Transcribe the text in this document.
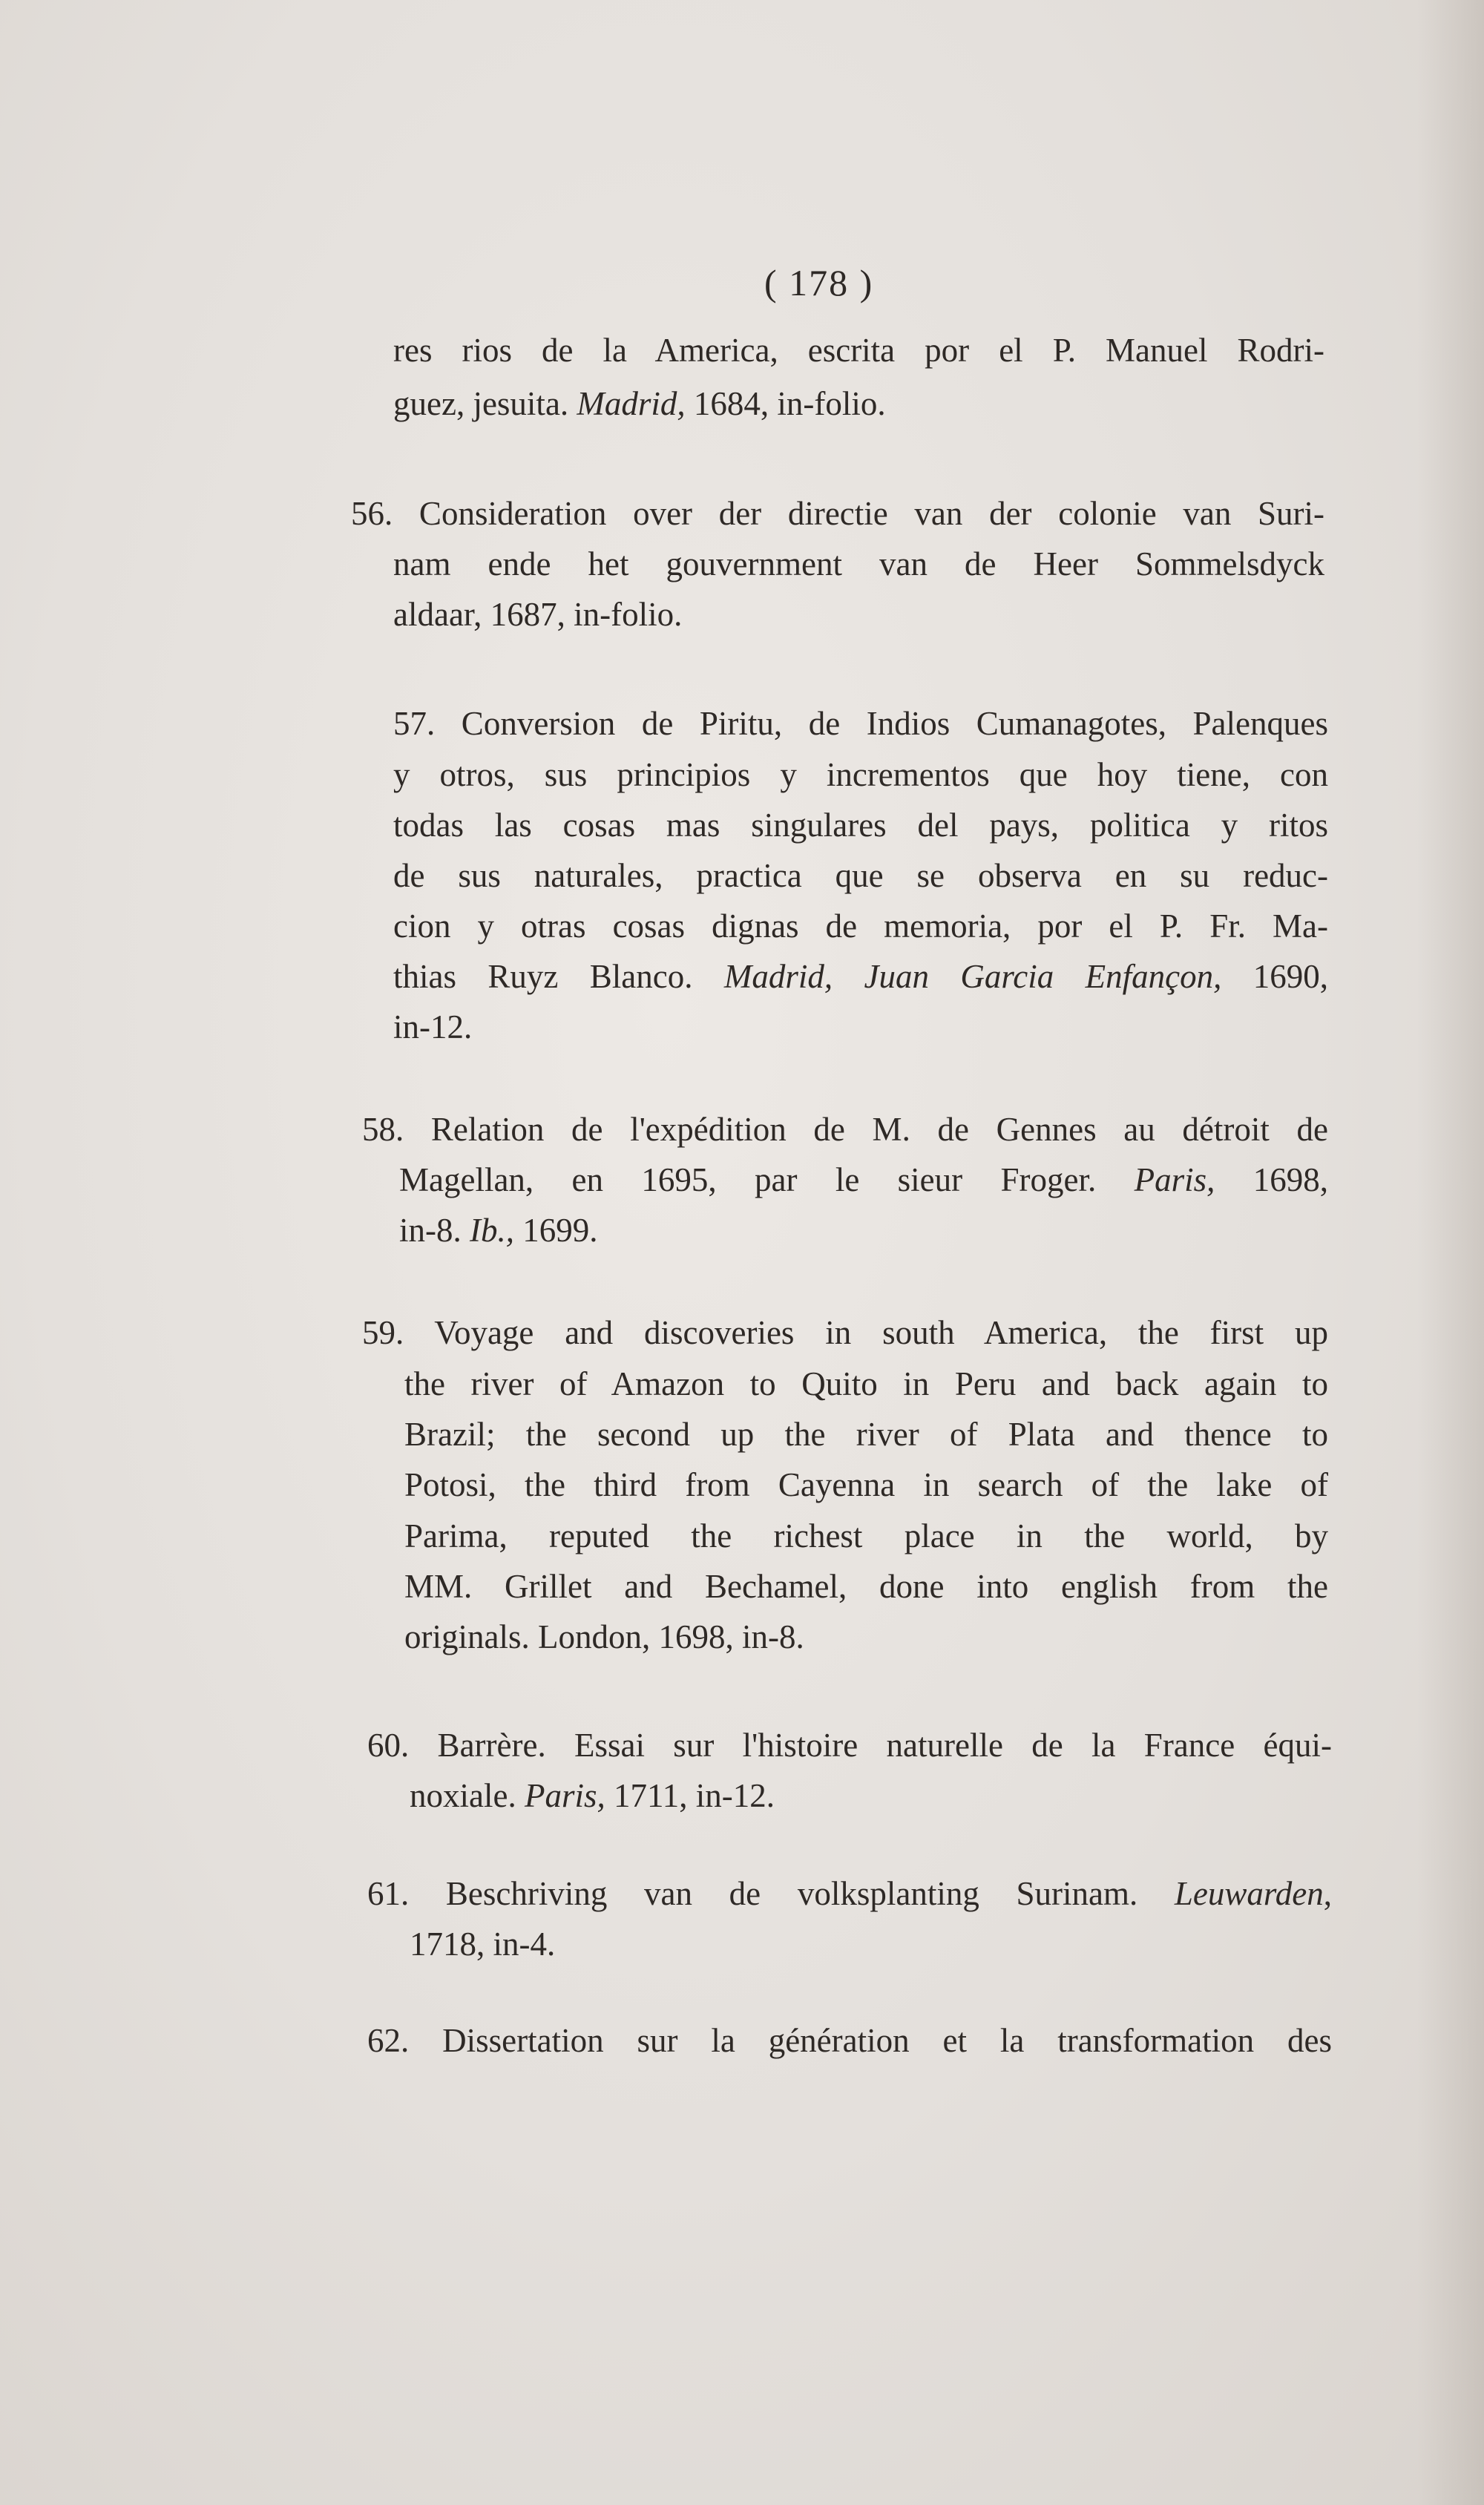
( 178 )
res rios de la America, escrita por el P. Manuel Rodri-
guez, jesuita. Madrid, 1684, in-folio.
56. Consideration over der directie van der colonie van Suri-
nam ende het gouvernment van de Heer Sommelsdyck
aldaar, 1687, in-folio.
57. Conversion de Piritu, de Indios Cumanagotes, Palenques
y otros, sus principios y incrementos que hoy tiene, con
todas las cosas mas singulares del pays, politica y ritos
de sus naturales, practica que se observa en su reduc-
cion y otras cosas dignas de memoria, por el P. Fr. Ma-
thias Ruyz Blanco. Madrid, Juan Garcia Enfançon, 1690,
in-12.
58. Relation de l'expédition de M. de Gennes au détroit de
Magellan, en 1695, par le sieur Froger. Paris, 1698,
in-8. Ib., 1699.
59. Voyage and discoveries in south America, the first up
the river of Amazon to Quito in Peru and back again to
Brazil; the second up the river of Plata and thence to
Potosi, the third from Cayenna in search of the lake of
Parima, reputed the richest place in the world, by
MM. Grillet and Bechamel, done into english from the
originals. London, 1698, in-8.
60. Barrère. Essai sur l'histoire naturelle de la France équi-
noxiale. Paris, 1711, in-12.
61. Beschriving van de volksplanting Surinam. Leuwarden,
1718, in-4.
62. Dissertation sur la génération et la transformation des
